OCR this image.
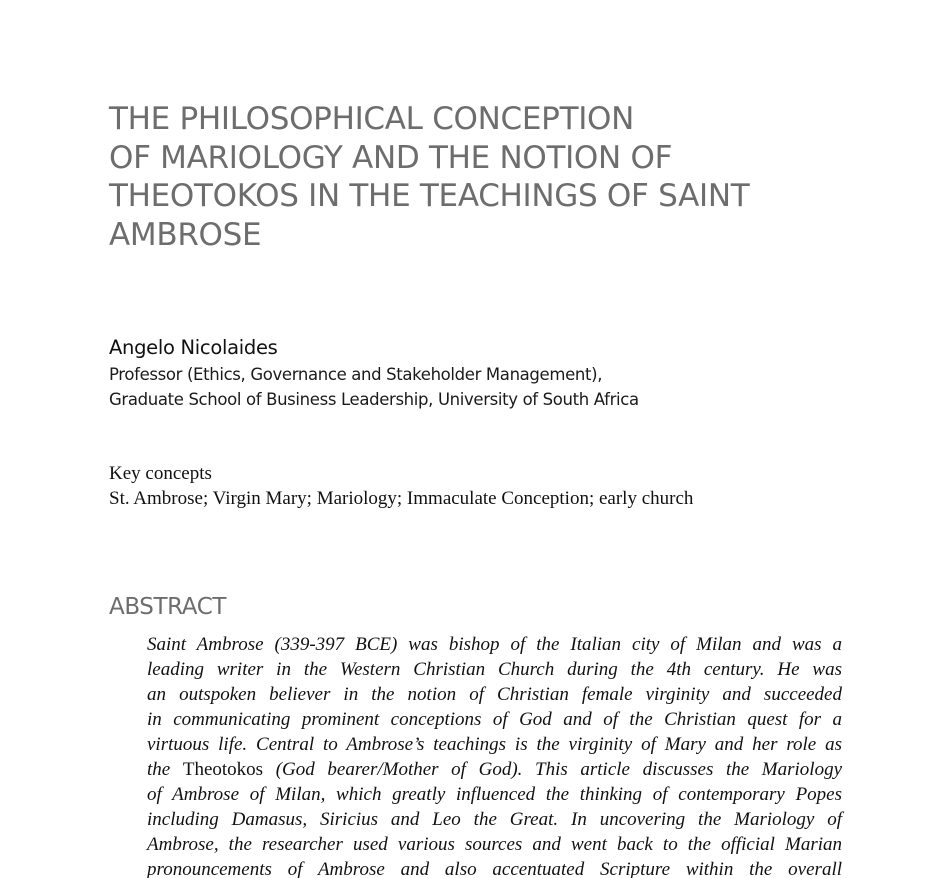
THE PHILOSOPHICAL CONCEPTION
OF MARIOLOGY AND THE NOTION OF
THEOTOKOS IN THE TEACHINGS OF SAINT
AMBROSE
Angelo Nicolaides
Professor (Ethics, Governance and Stakeholder Management),
Graduate School of Business Leadership, University of South Africa
Key concepts
St. Ambrose; Virgin Mary; Mariology; Immaculate Conception; early church
ABSTRACT
Saint Ambrose (339-397 BCE) was bishop of the Italian city of Milan and was a
leading writer in the Western Christian Church during the 4th century. He was
an outspoken believer in the notion of Christian female virginity and succeeded
in communicating prominent conceptions of God and of the Christian quest for a
virtuous life. Central to Ambrose’s teachings is the virginity of Mary and her role as
the Theotokos (God bearer/Mother of God). This article discusses the Mariology
of Ambrose of Milan, which greatly influenced the thinking of contemporary Popes
including Damasus, Siricius and Leo the Great. In uncovering the Mariology of
Ambrose, the researcher used various sources and went back to the official Marian
pronouncements of Ambrose and also accentuated Scripture within the overall
